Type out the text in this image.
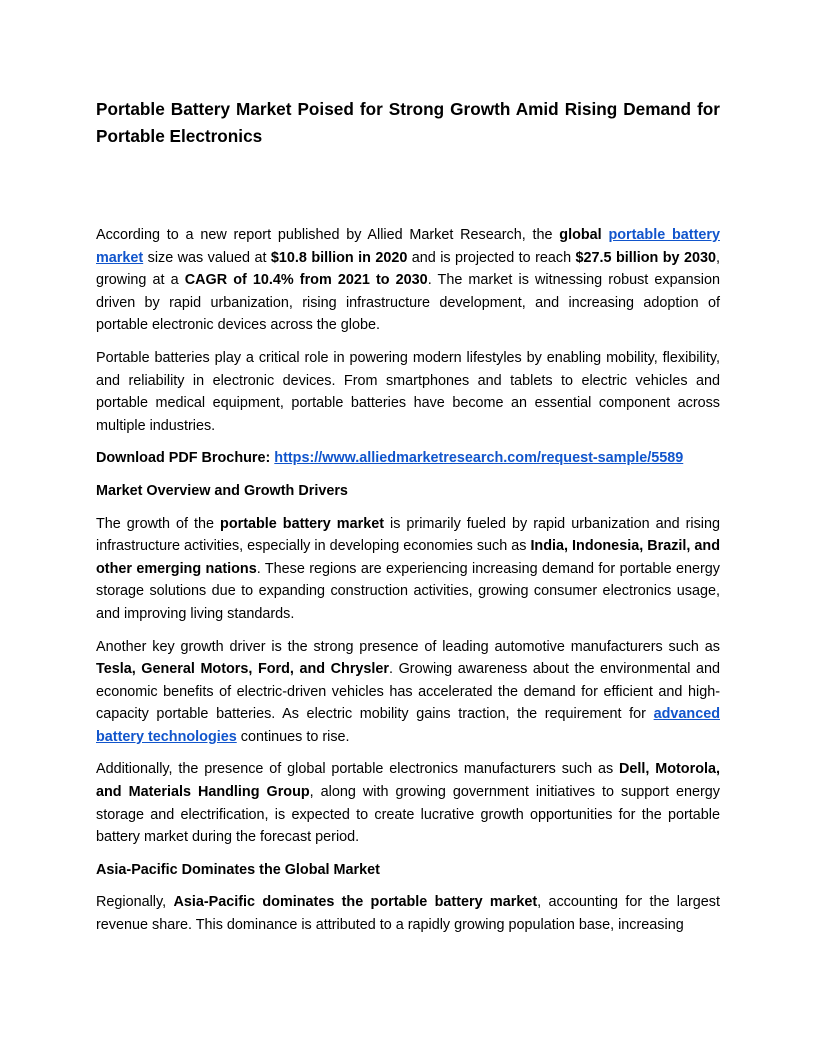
Portable Battery Market Poised for Strong Growth Amid Rising Demand for Portable Electronics

According to a new report published by Allied Market Research, the global portable battery market size was valued at $10.8 billion in 2020 and is projected to reach $27.5 billion by 2030, growing at a CAGR of 10.4% from 2021 to 2030. The market is witnessing robust expansion driven by rapid urbanization, rising infrastructure development, and increasing adoption of portable electronic devices across the globe.

Portable batteries play a critical role in powering modern lifestyles by enabling mobility, flexibility, and reliability in electronic devices. From smartphones and tablets to electric vehicles and portable medical equipment, portable batteries have become an essential component across multiple industries.

Download PDF Brochure: https://www.alliedmarketresearch.com/request-sample/5589

Market Overview and Growth Drivers

The growth of the portable battery market is primarily fueled by rapid urbanization and rising infrastructure activities, especially in developing economies such as India, Indonesia, Brazil, and other emerging nations. These regions are experiencing increasing demand for portable energy storage solutions due to expanding construction activities, growing consumer electronics usage, and improving living standards.

Another key growth driver is the strong presence of leading automotive manufacturers such as Tesla, General Motors, Ford, and Chrysler. Growing awareness about the environmental and economic benefits of electric-driven vehicles has accelerated the demand for efficient and high-capacity portable batteries. As electric mobility gains traction, the requirement for advanced battery technologies continues to rise.

Additionally, the presence of global portable electronics manufacturers such as Dell, Motorola, and Materials Handling Group, along with growing government initiatives to support energy storage and electrification, is expected to create lucrative growth opportunities for the portable battery market during the forecast period.

Asia-Pacific Dominates the Global Market

Regionally, Asia-Pacific dominates the portable battery market, accounting for the largest revenue share. This dominance is attributed to a rapidly growing population base, increasing
